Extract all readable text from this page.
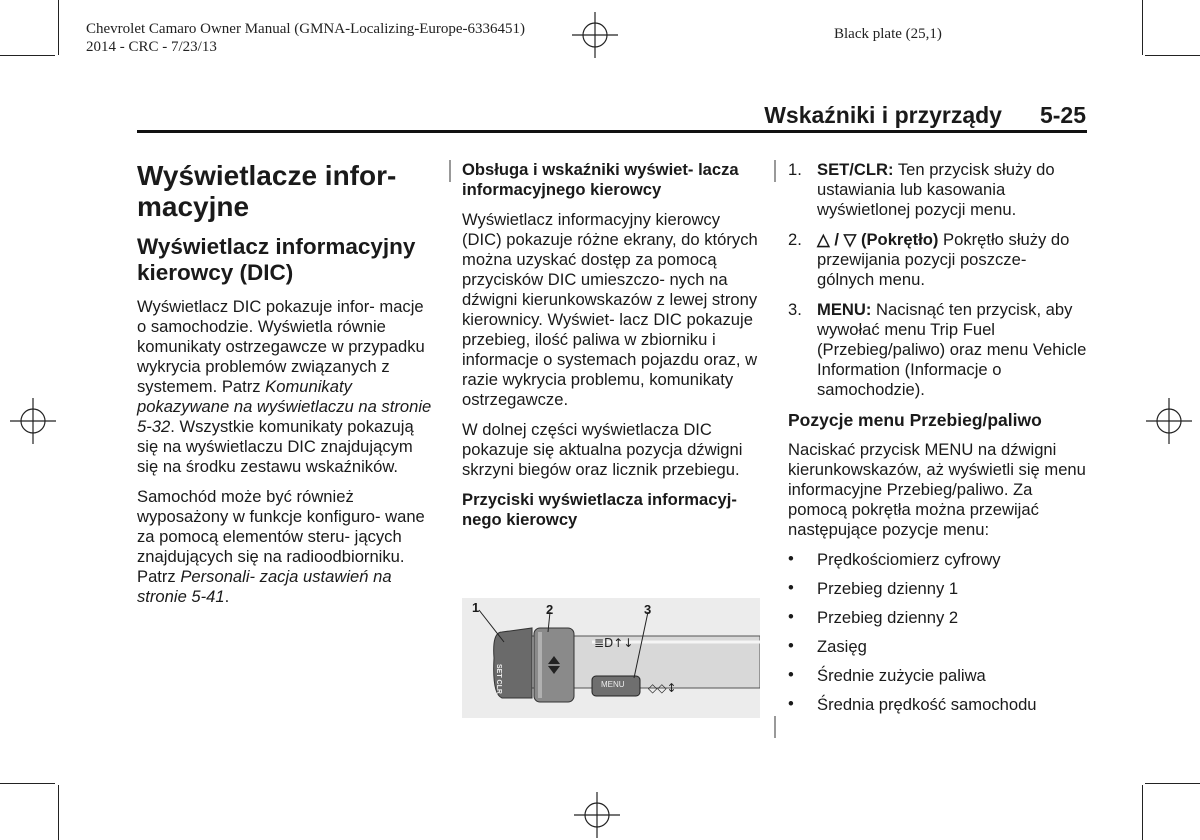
Chevrolet Camaro Owner Manual (GMNA-Localizing-Europe-6336451)
2014 - CRC - 7/23/13
Black plate (25,1)
Wskaźniki i przyrządy 5-25
Wyświetlacze infor- macyjne
Wyświetlacz informacyjny kierowcy (DIC)

Wyświetlacz DIC pokazuje infor- macje o samochodzie. Wyświetla równie komunikaty ostrzegawcze w przypadku wykrycia problemów związanych z systemem. Patrz Komunikaty pokazywane na wyświetlaczu na stronie 5-32. Wszystkie komunikaty pokazują się na wyświetlaczu DIC znajdującym się na środku zestawu wskaźników.

Samochód może być również wyposażony w funkcje konfiguro- wane za pomocą elementów steru- jących znajdujących się na radioodbiorniku. Patrz Personali- zacja ustawień na stronie 5-41.

Obsługa i wskaźniki wyświet- lacza informacyjnego kierowcy

Wyświetlacz informacyjny kierowcy (DIC) pokazuje różne ekrany, do których można uzyskać dostęp za pomocą przycisków DIC umieszczo- nych na dźwigni kierunkowskazów z lewej strony kierownicy. Wyświet- lacz DIC pokazuje przebieg, ilość paliwa w zbiorniku i informacje o systemach pojazdu oraz, w razie wykrycia problemu, komunikaty ostrzegawcze.

W dolnej części wyświetlacza DIC pokazuje się aktualna pozycja dźwigni skrzyni biegów oraz licznik przebiegu.

Przyciski wyświetlacza informacyj- nego kierowcy
≣D↑↓
◇◇↕
1	2	3
SET CLR	MENU
1. SET/CLR: Ten przycisk służy do ustawiania lub kasowania wyświetlonej pozycji menu.
2. △ / ▽ (Pokrętło) Pokrętło służy do przewijania pozycji poszcze- gólnych menu.
3. MENU: Nacisnąć ten przycisk, aby wywołać menu Trip Fuel (Przebieg/paliwo) oraz menu Vehicle Information (Informacje o samochodzie).
Pozycje menu Przebieg/paliwo

Naciskać przycisk MENU na dźwigni kierunkowskazów, aż wyświetli się menu informacyjne Przebieg/paliwo. Za pomocą pokrętła można przewijać następujące pozycje menu:

• Prędkościomierz cyfrowy
• Przebieg dzienny 1
• Przebieg dzienny 2
• Zasięg
• Średnie zużycie paliwa
• Średnia prędkość samochodu
